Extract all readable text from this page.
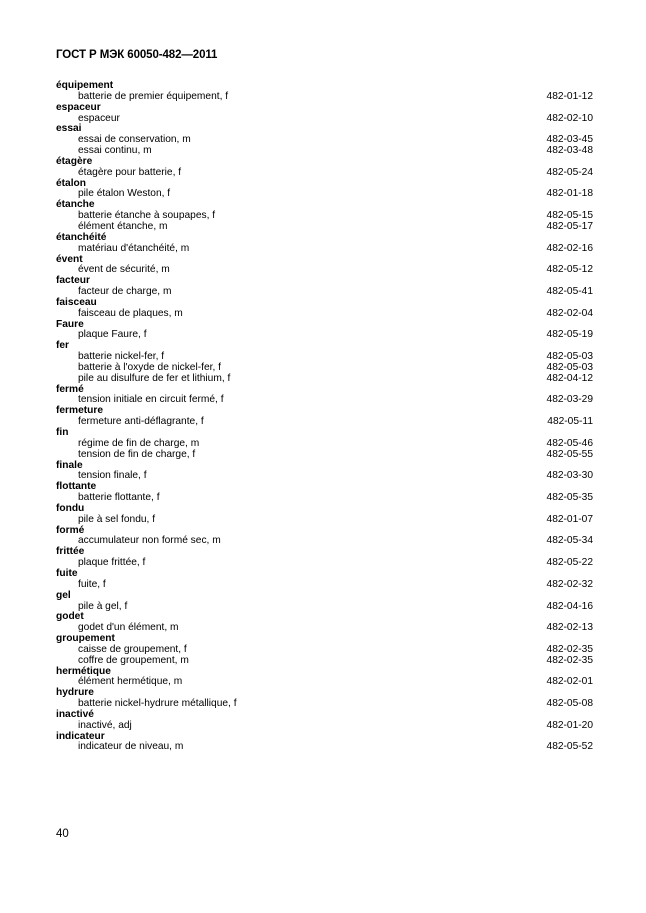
ГОСТ Р МЭК 60050-482—2011
équipement
batterie de premier équipement, f	482-01-12
espaceur
espaceur	482-02-10
essai
essai de conservation, m	482-03-45
essai continu, m	482-03-48
étagère
étagère pour batterie, f	482-05-24
étalon
pile étalon Weston, f	482-01-18
étanche
batterie étanche à soupapes, f	482-05-15
élément étanche, m	482-05-17
étanchéité
matériau d'étanchéité, m	482-02-16
évent
évent de sécurité, m	482-05-12
facteur
facteur de charge, m	482-05-41
faisceau
faisceau de plaques, m	482-02-04
Faure
plaque Faure, f	482-05-19
fer
batterie nickel-fer, f	482-05-03
batterie à l'oxyde de nickel-fer, f	482-05-03
pile au disulfure de fer et lithium, f	482-04-12
fermé
tension initiale en circuit fermé, f	482-03-29
fermeture
fermeture anti-déflagrante, f	482-05-11
fin
régime de fin de charge, m	482-05-46
tension de fin de charge, f	482-05-55
finale
tension finale, f	482-03-30
flottante
batterie flottante, f	482-05-35
fondu
pile à sel fondu, f	482-01-07
formé
accumulateur non formé sec, m	482-05-34
frittée
plaque frittée, f	482-05-22
fuite
fuite, f	482-02-32
gel
pile à gel, f	482-04-16
godet
godet d'un élément, m	482-02-13
groupement
caisse de groupement, f	482-02-35
coffre de groupement, m	482-02-35
hermétique
élément hermétique, m	482-02-01
hydrure
batterie nickel-hydrure métallique, f	482-05-08
inactivé
inactivé, adj	482-01-20
indicateur
indicateur de niveau, m	482-05-52
40
